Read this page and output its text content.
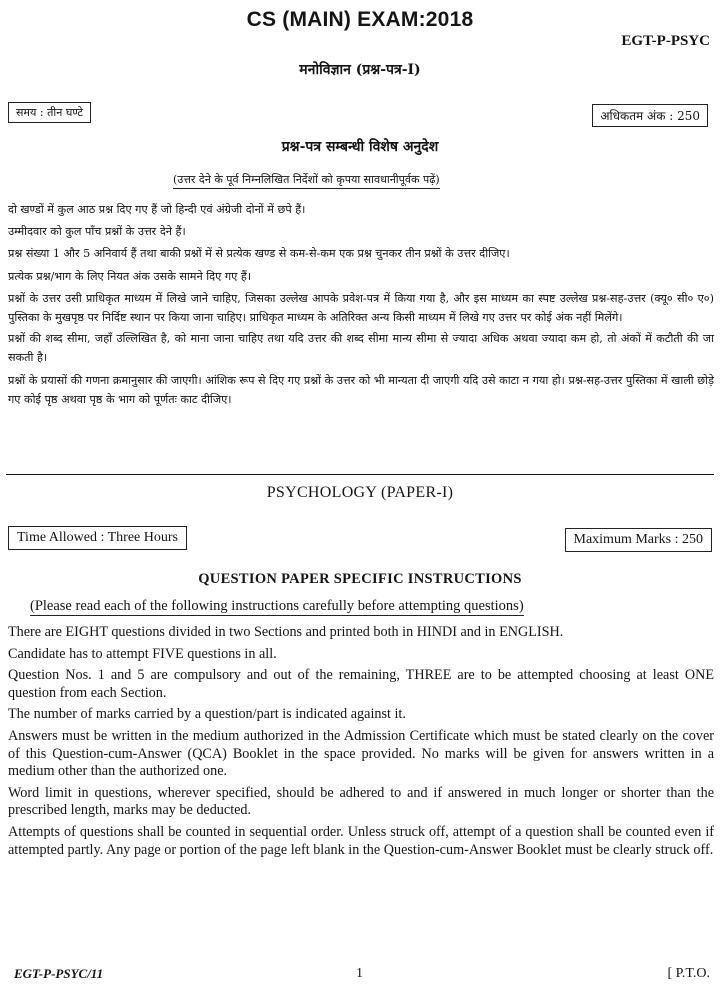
CS (MAIN) EXAM:2018
EGT-P-PSYC
मनोविज्ञान (प्रश्न-पत्र-I)
समय : तीन घण्टे	अधिकतम अंक : 250
प्रश्न-पत्र सम्बन्धी विशेष अनुदेश
(उत्तर देने के पूर्व निम्नलिखित निर्देशों को कृपया सावधानीपूर्वक पढ़ें)

दो खण्डों में कुल आठ प्रश्न दिए गए हैं जो हिन्दी एवं अंग्रेजी दोनों में छपे हैं।

उम्मीदवार को कुल पाँच प्रश्नों के उत्तर देने हैं।

प्रश्न संख्या 1 और 5 अनिवार्य हैं तथा बाकी प्रश्नों में से प्रत्येक खण्ड से कम-से-कम एक प्रश्न चुनकर तीन प्रश्नों के उत्तर दीजिए।

प्रत्येक प्रश्न/भाग के लिए नियत अंक उसके सामने दिए गए हैं।

प्रश्नों के उत्तर उसी प्राधिकृत माध्यम में लिखे जाने चाहिए, जिसका उल्लेख आपके प्रवेश-पत्र में किया गया है, और इस माध्यम का स्पष्ट उल्लेख प्रश्न-सह-उत्तर (क्यू० सी० ए०) पुस्तिका के मुखपृष्ठ पर निर्दिष्ट स्थान पर किया जाना चाहिए। प्राधिकृत माध्यम के अतिरिक्त अन्य किसी माध्यम में लिखे गए उत्तर पर कोई अंक नहीं मिलेंगे।

प्रश्नों की शब्द सीमा, जहाँ उल्लिखित है, को माना जाना चाहिए तथा यदि उत्तर की शब्द सीमा मान्य सीमा से ज्यादा अधिक अथवा ज्यादा कम हो, तो अंकों में कटौती की जा सकती है।

प्रश्नों के प्रयासों की गणना क्रमानुसार की जाएगी। आंशिक रूप से दिए गए प्रश्नों के उत्तर को भी मान्यता दी जाएगी यदि उसे काटा न गया हो। प्रश्न-सह-उत्तर पुस्तिका में खाली छोड़े गए कोई पृष्ठ अथवा पृष्ठ के भाग को पूर्णतः काट दीजिए।

PSYCHOLOGY (PAPER-I)
Time Allowed : Three Hours	Maximum Marks : 250
QUESTION PAPER SPECIFIC INSTRUCTIONS
(Please read each of the following instructions carefully before attempting questions)

There are EIGHT questions divided in two Sections and printed both in HINDI and in ENGLISH.

Candidate has to attempt FIVE questions in all.

Question Nos. 1 and 5 are compulsory and out of the remaining, THREE are to be attempted choosing at least ONE question from each Section.

The number of marks carried by a question/part is indicated against it.

Answers must be written in the medium authorized in the Admission Certificate which must be stated clearly on the cover of this Question-cum-Answer (QCA) Booklet in the space provided. No marks will be given for answers written in a medium other than the authorized one.

Word limit in questions, wherever specified, should be adhered to and if answered in much longer or shorter than the prescribed length, marks may be deducted.

Attempts of questions shall be counted in sequential order. Unless struck off, attempt of a question shall be counted even if attempted partly. Any page or portion of the page left blank in the Question-cum-Answer Booklet must be clearly struck off.

EGT-P-PSYC/11	1	[ P.T.O.
